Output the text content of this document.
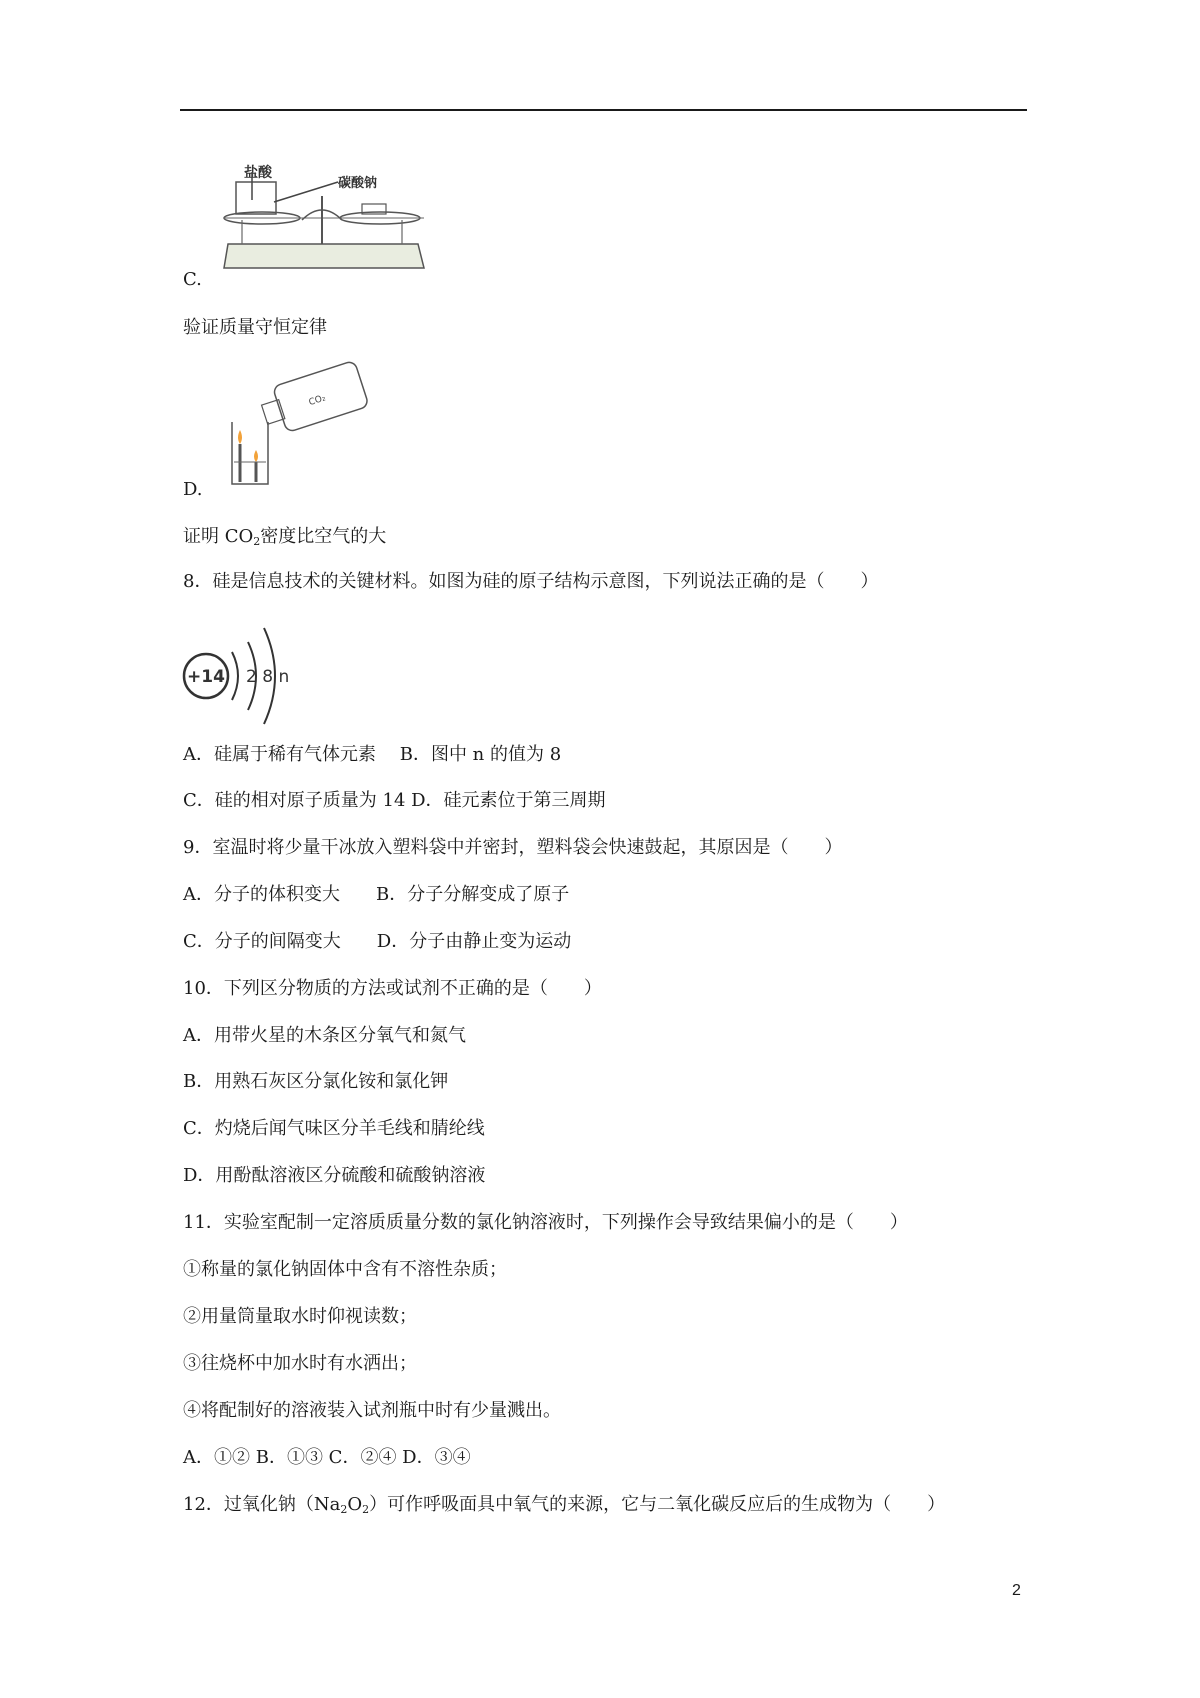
盐酸
碳酸钠
C.
验证质量守恒定律
CO₂
D.
证明 $CO_2$密度比空气的大
8．硅是信息技术的关键材料。如图为硅的原子结构示意图，下列说法正确的是（　　）
+14 2 8 n
A．硅属于稀有气体元素　 B．图中 n 的值为 8
C．硅的相对原子质量为 14 D．硅元素位于第三周期
9．室温时将少量干冰放入塑料袋中并密封，塑料袋会快速鼓起，其原因是（　　）
A．分子的体积变大　　B．分子分解变成了原子
C．分子的间隔变大　　D．分子由静止变为运动
10．下列区分物质的方法或试剂不正确的是（　　）
A．用带火星的木条区分氧气和氮气
B．用熟石灰区分氯化铵和氯化钾
C．灼烧后闻气味区分羊毛线和腈纶线
D．用酚酞溶液区分硫酸和硫酸钠溶液
11．实验室配制一定溶质质量分数的氯化钠溶液时，下列操作会导致结果偏小的是（　　）
①称量的氯化钠固体中含有不溶性杂质；
②用量筒量取水时仰视读数；
③往烧杯中加水时有水洒出；
④将配制好的溶液装入试剂瓶中时有少量溅出。
A．①② B．①③ C．②④ D．③④
12．过氧化钠$(Na_2O_2)$可作呼吸面具中氧气的来源，它与二氧化碳反应后的生成物为（　　）
2
